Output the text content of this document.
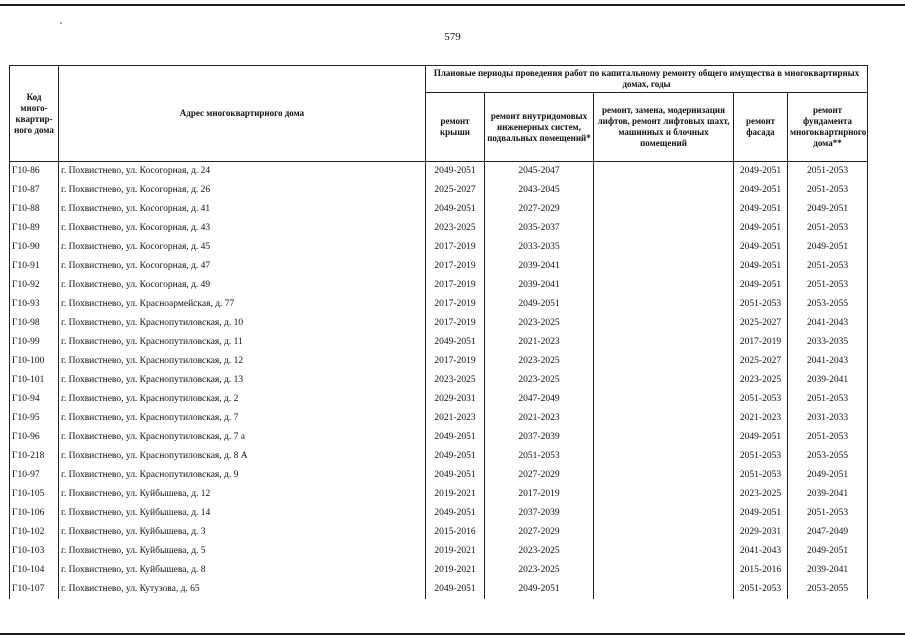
579
Код много-квартир-ного дома	Адрес многоквартирного дома	Плановые периоды проведения работ по капитальному ремонту общего имущества в многоквартирных домах, годы				
		ремонт крыши	ремонт внутридомовых инженерных систем, подвальных помещений*	ремонт, замена, модернизация лифтов, ремонт лифтовых шахт, машинных и блочных помещений	ремонт фасада	ремонт фундамента многоквартирного дома**
Г10-86	г. Похвистнево, ул. Косогорная, д. 24	2049-2051	2045-2047		2049-2051	2051-2053
Г10-87	г. Похвистнево, ул. Косогорная, д. 26	2025-2027	2043-2045		2049-2051	2051-2053
Г10-88	г. Похвистнево, ул. Косогорная, д. 41	2049-2051	2027-2029		2049-2051	2049-2051
Г10-89	г. Похвистнево, ул. Косогорная, д. 43	2023-2025	2035-2037		2049-2051	2051-2053
Г10-90	г. Похвистнево, ул. Косогорная, д. 45	2017-2019	2033-2035		2049-2051	2049-2051
Г10-91	г. Похвистнево, ул. Косогорная, д. 47	2017-2019	2039-2041		2049-2051	2051-2053
Г10-92	г. Похвистнево, ул. Косогорная, д. 49	2017-2019	2039-2041		2049-2051	2051-2053
Г10-93	г. Похвистнево, ул. Красноармейская, д. 77	2017-2019	2049-2051		2051-2053	2053-2055
Г10-98	г. Похвистнево, ул. Краснопутиловская, д. 10	2017-2019	2023-2025		2025-2027	2041-2043
Г10-99	г. Похвистнево, ул. Краснопутиловская, д. 11	2049-2051	2021-2023		2017-2019	2033-2035
Г10-100	г. Похвистнево, ул. Краснопутиловская, д. 12	2017-2019	2023-2025		2025-2027	2041-2043
Г10-101	г. Похвистнево, ул. Краснопутиловская, д. 13	2023-2025	2023-2025		2023-2025	2039-2041
Г10-94	г. Похвистнево, ул. Краснопутиловская, д. 2	2029-2031	2047-2049		2051-2053	2051-2053
Г10-95	г. Похвистнево, ул. Краснопутиловская, д. 7	2021-2023	2021-2023		2021-2023	2031-2033
Г10-96	г. Похвистнево, ул. Краснопутиловская, д. 7 а	2049-2051	2037-2039		2049-2051	2051-2053
Г10-218	г. Похвистнево, ул. Краснопутиловская, д. 8 А	2049-2051	2051-2053		2051-2053	2053-2055
Г10-97	г. Похвистнево, ул. Краснопутиловская, д. 9	2049-2051	2027-2029		2051-2053	2049-2051
Г10-105	г. Похвистнево, ул. Куйбышева, д. 12	2019-2021	2017-2019		2023-2025	2039-2041
Г10-106	г. Похвистнево, ул. Куйбышева, д. 14	2049-2051	2037-2039		2049-2051	2051-2053
Г10-102	г. Похвистнево, ул. Куйбышева, д. 3	2015-2016	2027-2029		2029-2031	2047-2049
Г10-103	г. Похвистнево, ул. Куйбышева, д. 5	2019-2021	2023-2025		2041-2043	2049-2051
Г10-104	г. Похвистнево, ул. Куйбышева, д. 8	2019-2021	2023-2025		2015-2016	2039-2041
Г10-107	г. Похвистнево, ул. Кутузова, д. 65	2049-2051	2049-2051		2051-2053	2053-2055
